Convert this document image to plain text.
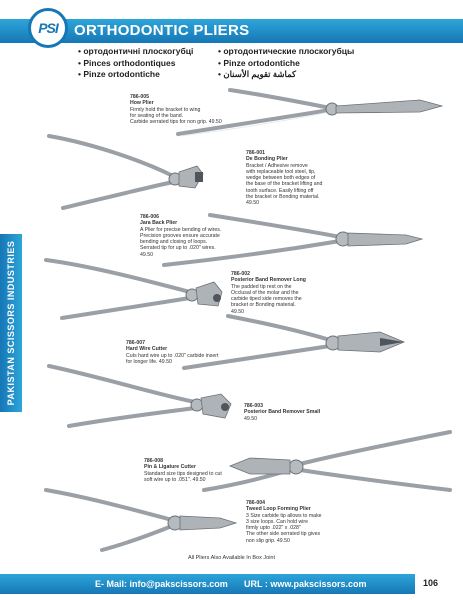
PSI ORTHODONTIC PLIERS
• ортодонтичні плоскогубці
• Pinces orthodontiques
• Pinze ortodontiche
• ортодонтические плоскогубцы
• Pinze ortodontiche
• كماشة تقويم الأسنان
PAKISTAN SCISSORS INDUSTRIES
786-005
How Plier
Firmly hold the bracket to wing
for seating of the band.
Carbide serrated tips for non grip. 49.50
786-001
De Bonding Plier
Bracket / Adhesive remove
with replaceable tool steel, tip,
wedge between both edges of
the base of the bracket lifting and
tooth surface. Easily lifting off
the bracket or Bonding material.
49.50
786-006
Jara Back Plier
A Plier for precise bending of wires.
Precision grooves ensure accurate
bending and closing of loops.
Serrated tip for up to .020" wires.
49.50
786-002
Posterior Band Remover Long
The padded tip rest on the
Occlusal of the molar and the
carbide tiped side removes the
bracket or Bonding material.
49.50
786-007
Hard Wire Cutter
Cuts hard wire up to .020" carbide insert
for longer life. 49.50
786-003
Posterior Band Remover Small
49.50
786-008
Pin & Ligature Cutter
Standard size tips designed to cut
soft wire up to .051". 49.50
786-004
Tweed Loop Forming Plier
3 Size carbide tip allows to make
3 size loops. Can hold wire
firmly upto .022" x .028"
The other side serrated tip gives
non slip grip. 49.50
All Pliers Also Available In Box Joint
E- Mail: info@pakscissors.com URL : www.pakscissors.com	106
